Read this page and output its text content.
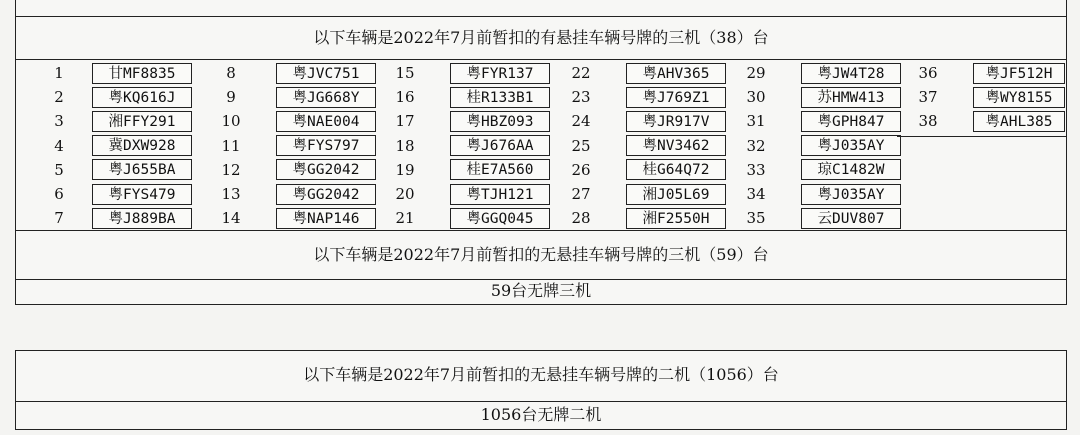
以下车辆是2022年7月前暂扣的有悬挂车辆号牌的三机（38）台
1	甘MF8835
2	粤KQ616J
3	湘FFY291
4	冀DXW928
5	粤J655BA
6	粤FYS479
7	粤J889BA
8	粤JVC751
9	粤JG668Y
10	粤NAE004
11	粤FYS797
12	粤GG2042
13	粤GG2042
14	粤NAP146
15	粤FYR137
16	桂R133B1
17	粤HBZ093
18	粤J676AA
19	桂E7A560
20	粤TJH121
21	粤GGQ045
22	粤AHV365
23	粤J769Z1
24	粤JR917V
25	粤NV3462
26	桂G64Q72
27	湘J05L69
28	湘F2550H
29	粤JW4T28
30	苏HMW413
31	粤GPH847
32	粤J035AY
33	琼C1482W
34	粤J035AY
35	云DUV807
36	粤JF512H
37	粤WY8155
38	粤AHL385
以下车辆是2022年7月前暂扣的无悬挂车辆号牌的三机（59）台
59台无牌三机
以下车辆是2022年7月前暂扣的无悬挂车辆号牌的二机（1056）台
1056台无牌二机
